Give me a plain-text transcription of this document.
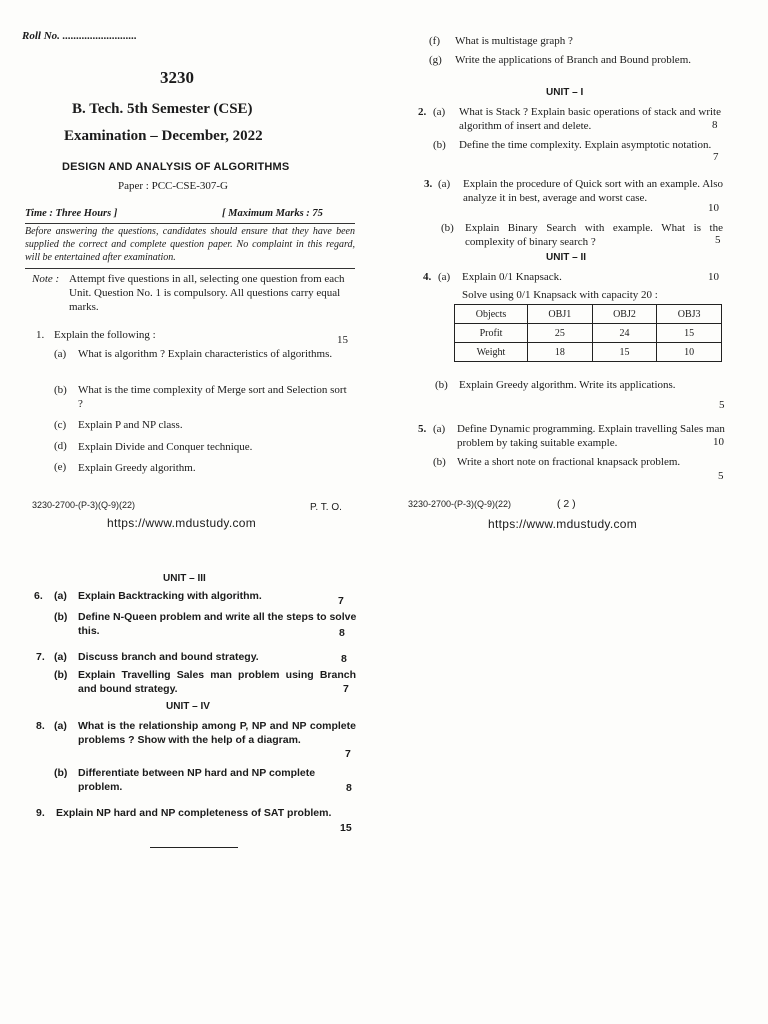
Roll No. ...........................
3230
B. Tech. 5th Semester (CSE)
Examination – December, 2022
DESIGN AND ANALYSIS OF ALGORITHMS
Paper : PCC-CSE-307-G
Time : Three Hours ]	[ Maximum Marks : 75
Before answering the questions, candidates should ensure that they have been supplied the correct and complete question paper. No complaint in this regard, will be entertained after examination.
Note : Attempt five questions in all, selecting one question from each Unit. Question No. 1 is compulsory. All questions carry equal marks.
1. Explain the following :	15
(a) What is algorithm ? Explain characteristics of algorithms.
(b) What is the time complexity of Merge sort and Selection sort ?
(c) Explain P and NP class.
(d) Explain Divide and Conquer technique.
(e) Explain Greedy algorithm.
3230-2700-(P-3)(Q-9)(22)	P. T. O.
https://www.mdustudy.com
(f) What is multistage graph ?
(g) Write the applications of Branch and Bound problem.
UNIT – I
2. (a) What is Stack ? Explain basic operations of stack and write algorithm of insert and delete.	8
(b) Define the time complexity. Explain asymptotic notation.
7
3. (a) Explain the procedure of Quick sort with an example. Also analyze it in best, average and worst case.
10
(b) Explain Binary Search with example. What is the complexity of binary search ?	5
UNIT – II
4. (a) Explain 0/1 Knapsack.	10
Solve using 0/1 Knapsack with capacity 20 :
Objects	OBJ1	OBJ2	OBJ3
Profit	25	24	15
Weight	18	15	10
(b) Explain Greedy algorithm. Write its applications.
5
5. (a) Define Dynamic programming. Explain travelling Sales man problem by taking suitable example.	10
(b) Write a short note on fractional knapsack problem.
5
3230-2700-(P-3)(Q-9)(22)	( 2 )
https://www.mdustudy.com
UNIT – III
6. (a) Explain Backtracking with algorithm.	7
(b) Define N-Queen problem and write all the steps to solve this.	8
7. (a) Discuss branch and bound strategy.	8
(b) Explain Travelling Sales man problem using Branch and bound strategy.	7
UNIT – IV
8. (a) What is the relationship among P, NP and NP complete problems ? Show with the help of a diagram.
7
(b) Differentiate between NP hard and NP complete problem.	8
9. Explain NP hard and NP completeness of SAT problem.
15
